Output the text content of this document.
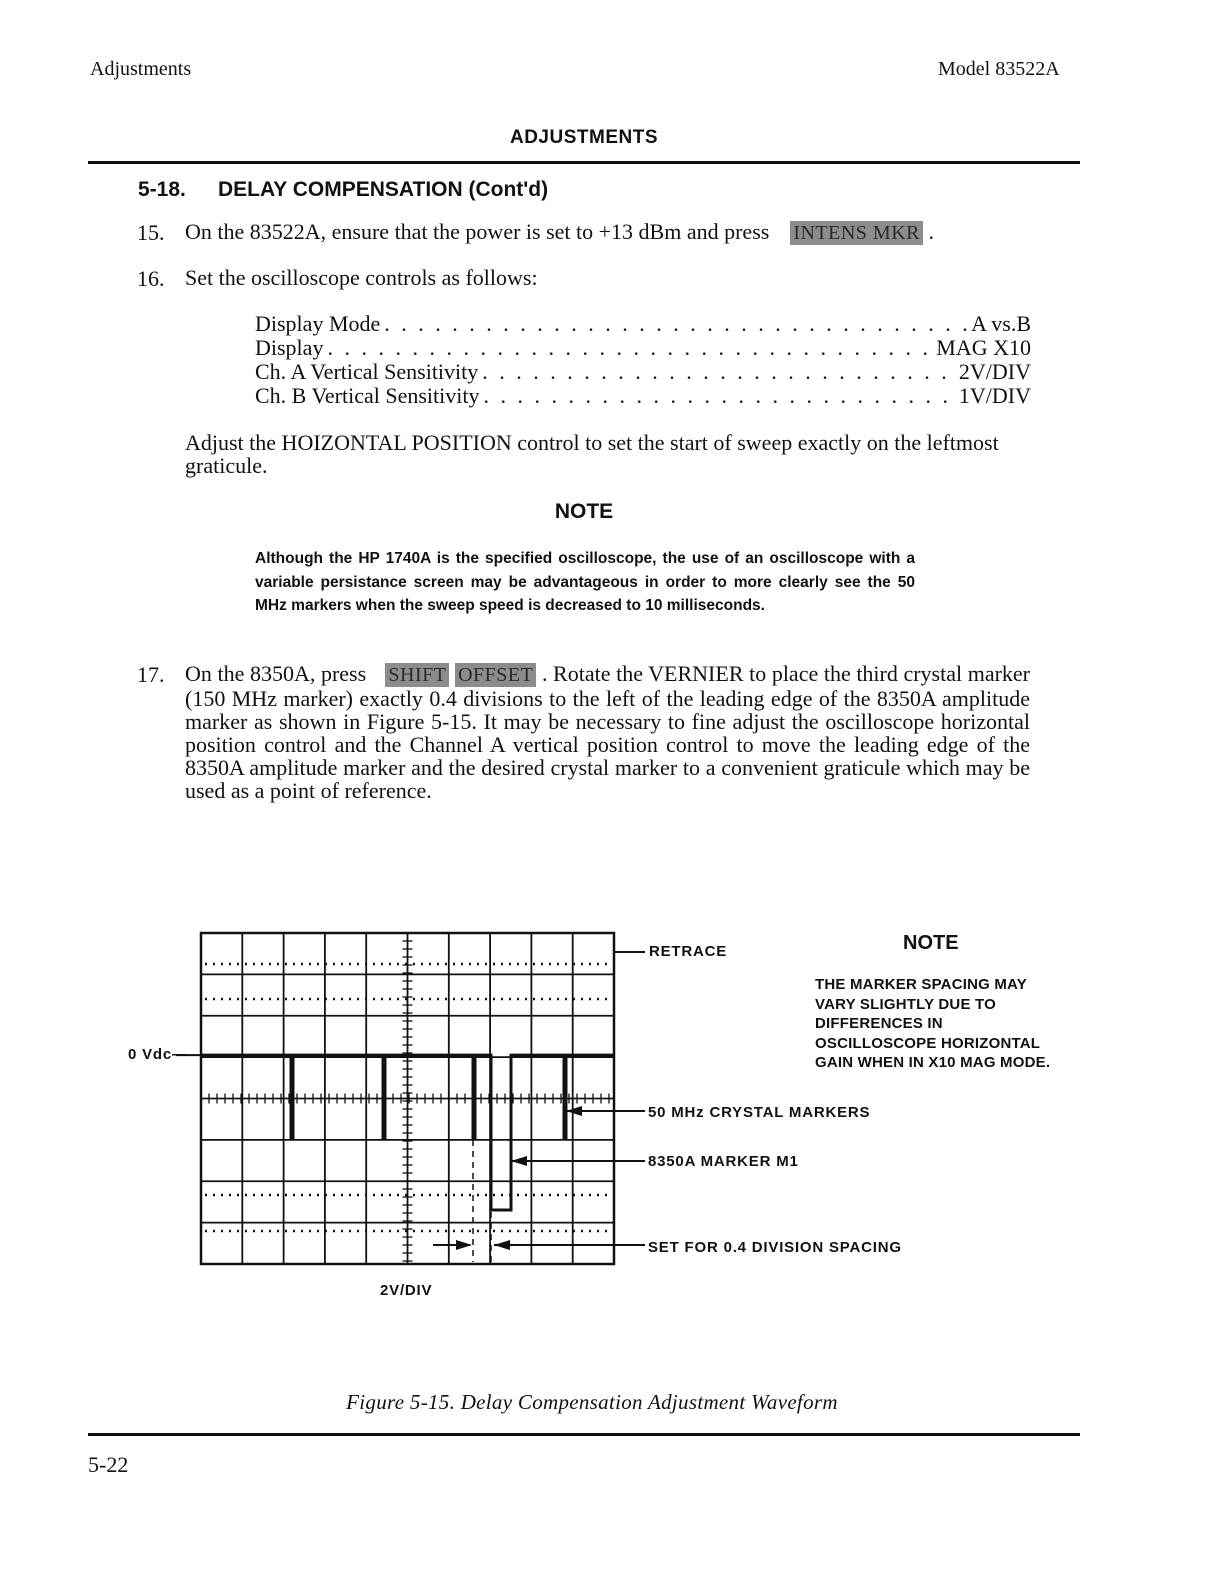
Adjustments	Model 83522A
ADJUSTMENTS
5-18. DELAY COMPENSATION (Cont'd)
15. On the 83522A, ensure that the power is set to +13 dBm and press INTENS MKR .
16. Set the oscilloscope controls as follows:
Display Mode . . .	A vs.B
Display . . .	MAG X10
Ch. A Vertical Sensitivity . . .	2V/DIV
Ch. B Vertical Sensitivity . . .	1V/DIV
Adjust the HOIZONTAL POSITION control to set the start of sweep exactly on the leftmost graticule.
NOTE
Although the HP 1740A is the specified oscilloscope, the use of an oscilloscope with a variable persistance screen may be advantageous in order to more clearly see the 50 MHz markers when the sweep speed is decreased to 10 milliseconds.
17. On the 8350A, press SHIFT OFFSET . Rotate the VERNIER to place the third crystal marker (150 MHz marker) exactly 0.4 divisions to the left of the leading edge of the 8350A amplitude marker as shown in Figure 5-15. It may be necessary to fine adjust the oscilloscope horizontal position control and the Channel A vertical position control to move the leading edge of the 8350A amplitude marker and the desired crystal marker to a convenient graticule which may be used as a point of reference.
0 Vdc—
RETRACE
50 MHz CRYSTAL MARKERS
8350A MARKER M1
SET FOR 0.4 DIVISION SPACING
2V/DIV
NOTE
THE MARKER SPACING MAY VARY SLIGHTLY DUE TO DIFFERENCES IN OSCILLOSCOPE HORIZONTAL GAIN WHEN IN X10 MAG MODE.
Figure 5-15. Delay Compensation Adjustment Waveform
5-22
